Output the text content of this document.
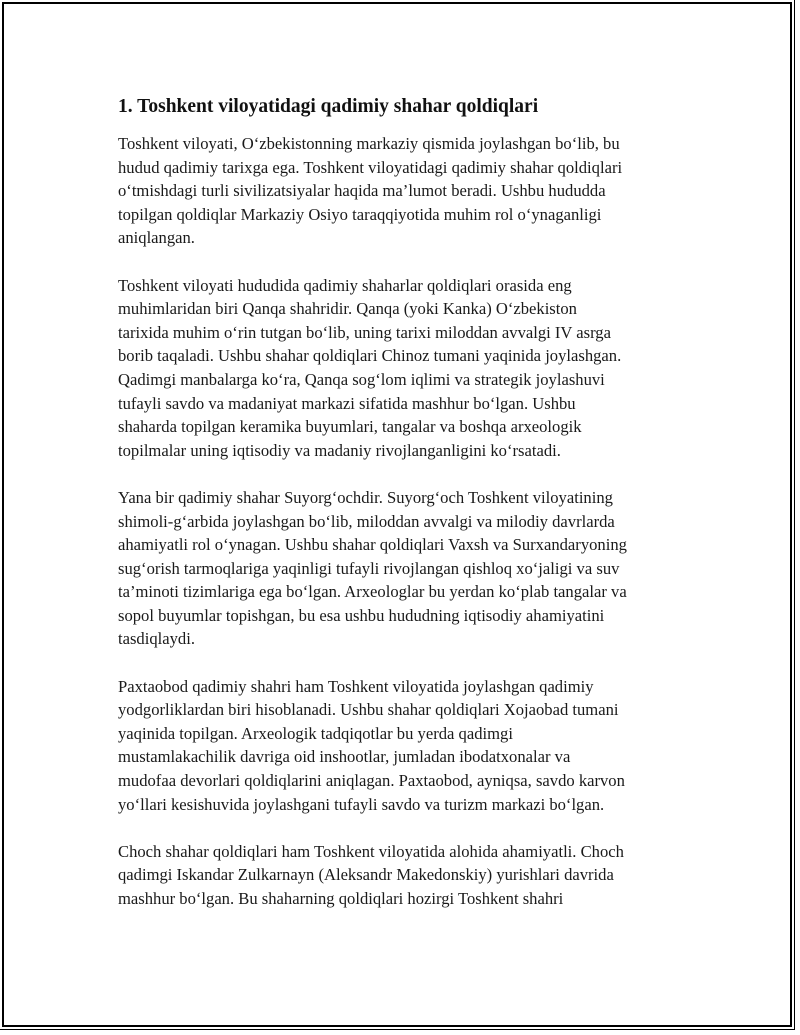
1. Toshkent viloyatidagi qadimiy shahar qoldiqlari

Toshkent viloyati, O‘zbekistonning markaziy qismida joylashgan bo‘lib, bu
hudud qadimiy tarixga ega. Toshkent viloyatidagi qadimiy shahar qoldiqlari
o‘tmishdagi turli sivilizatsiyalar haqida ma’lumot beradi. Ushbu hududda
topilgan qoldiqlar Markaziy Osiyo taraqqiyotida muhim rol o‘ynaganligi
aniqlangan.

Toshkent viloyati hududida qadimiy shaharlar qoldiqlari orasida eng
muhimlaridan biri Qanqa shahridir. Qanqa (yoki Kanka) O‘zbekiston
tarixida muhim o‘rin tutgan bo‘lib, uning tarixi miloddan avvalgi IV asrga
borib taqaladi. Ushbu shahar qoldiqlari Chinoz tumani yaqinida joylashgan.
Qadimgi manbalarga ko‘ra, Qanqa sog‘lom iqlimi va strategik joylashuvi
tufayli savdo va madaniyat markazi sifatida mashhur bo‘lgan. Ushbu
shaharda topilgan keramika buyumlari, tangalar va boshqa arxeologik
topilmalar uning iqtisodiy va madaniy rivojlanganligini ko‘rsatadi.

Yana bir qadimiy shahar Suyorg‘ochdir. Suyorg‘och Toshkent viloyatining
shimoli-g‘arbida joylashgan bo‘lib, miloddan avvalgi va milodiy davrlarda
ahamiyatli rol o‘ynagan. Ushbu shahar qoldiqlari Vaxsh va Surxandaryoning
sug‘orish tarmoqlariga yaqinligi tufayli rivojlangan qishloq xo‘jaligi va suv
ta’minoti tizimlariga ega bo‘lgan. Arxeologlar bu yerdan ko‘plab tangalar va
sopol buyumlar topishgan, bu esa ushbu hududning iqtisodiy ahamiyatini
tasdiqlaydi.

Paxtaobod qadimiy shahri ham Toshkent viloyatida joylashgan qadimiy
yodgorliklardan biri hisoblanadi. Ushbu shahar qoldiqlari Xojaobad tumani
yaqinida topilgan. Arxeologik tadqiqotlar bu yerda qadimgi
mustamlakachilik davriga oid inshootlar, jumladan ibodatxonalar va
mudofaa devorlari qoldiqlarini aniqlagan. Paxtaobod, ayniqsa, savdo karvon
yo‘llari kesishuvida joylashgani tufayli savdo va turizm markazi bo‘lgan.

Choch shahar qoldiqlari ham Toshkent viloyatida alohida ahamiyatli. Choch
qadimgi Iskandar Zulkarnayn (Aleksandr Makedonskiy) yurishlari davrida
mashhur bo‘lgan. Bu shaharning qoldiqlari hozirgi Toshkent shahri
